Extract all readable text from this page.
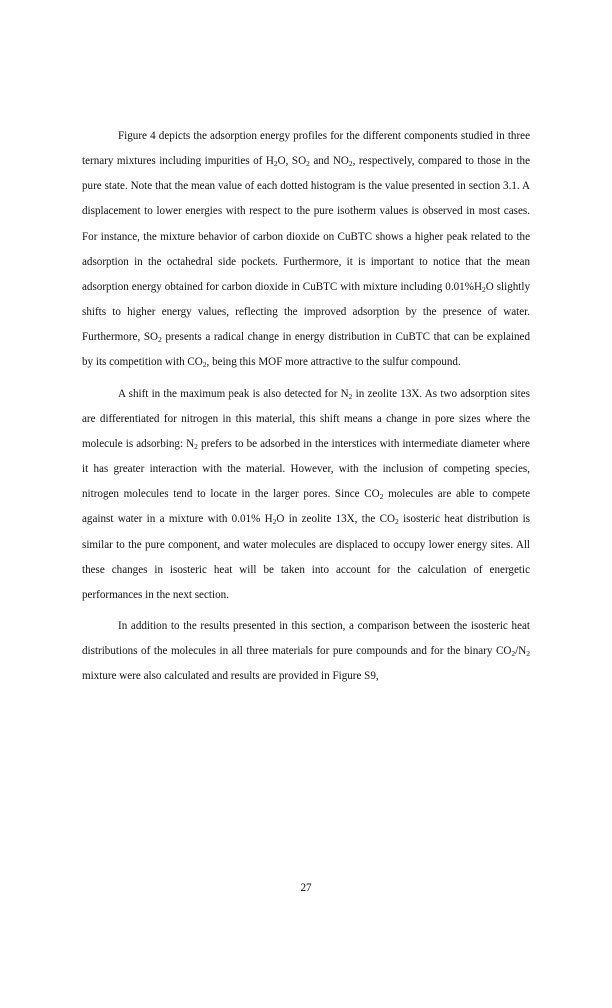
Figure 4 depicts the adsorption energy profiles for the different components studied in three ternary mixtures including impurities of $H_2O$, $SO_2$ and $NO_2$, respectively, compared to those in the pure state. Note that the mean value of each dotted histogram is the value presented in section 3.1. A displacement to lower energies with respect to the pure isotherm values is observed in most cases. For instance, the mixture behavior of carbon dioxide on CuBTC shows a higher peak related to the adsorption in the octahedral side pockets. Furthermore, it is important to notice that the mean adsorption energy obtained for carbon dioxide in CuBTC with mixture including $0.01\%H_2O$ slightly shifts to higher energy values, reflecting the improved adsorption by the presence of water. Furthermore, $SO_2$ presents a radical change in energy distribution in CuBTC that can be explained by its competition with $CO_2$, being this MOF more attractive to the sulfur compound.

A shift in the maximum peak is also detected for $N_2$ in zeolite 13X. As two adsorption sites are differentiated for nitrogen in this material, this shift means a change in pore sizes where the molecule is adsorbing: $N_2$ prefers to be adsorbed in the interstices with intermediate diameter where it has greater interaction with the material. However, with the inclusion of competing species, nitrogen molecules tend to locate in the larger pores. Since $CO_2$ molecules are able to compete against water in a mixture with 0.01% $H_2O$ in zeolite 13X, the $CO_2$ isosteric heat distribution is similar to the pure component, and water molecules are displaced to occupy lower energy sites. All these changes in isosteric heat will be taken into account for the calculation of energetic performances in the next section.

In addition to the results presented in this section, a comparison between the isosteric heat distributions of the molecules in all three materials for pure compounds and for the binary $CO_2/N_2$ mixture were also calculated and results are provided in Figure S9,

27
